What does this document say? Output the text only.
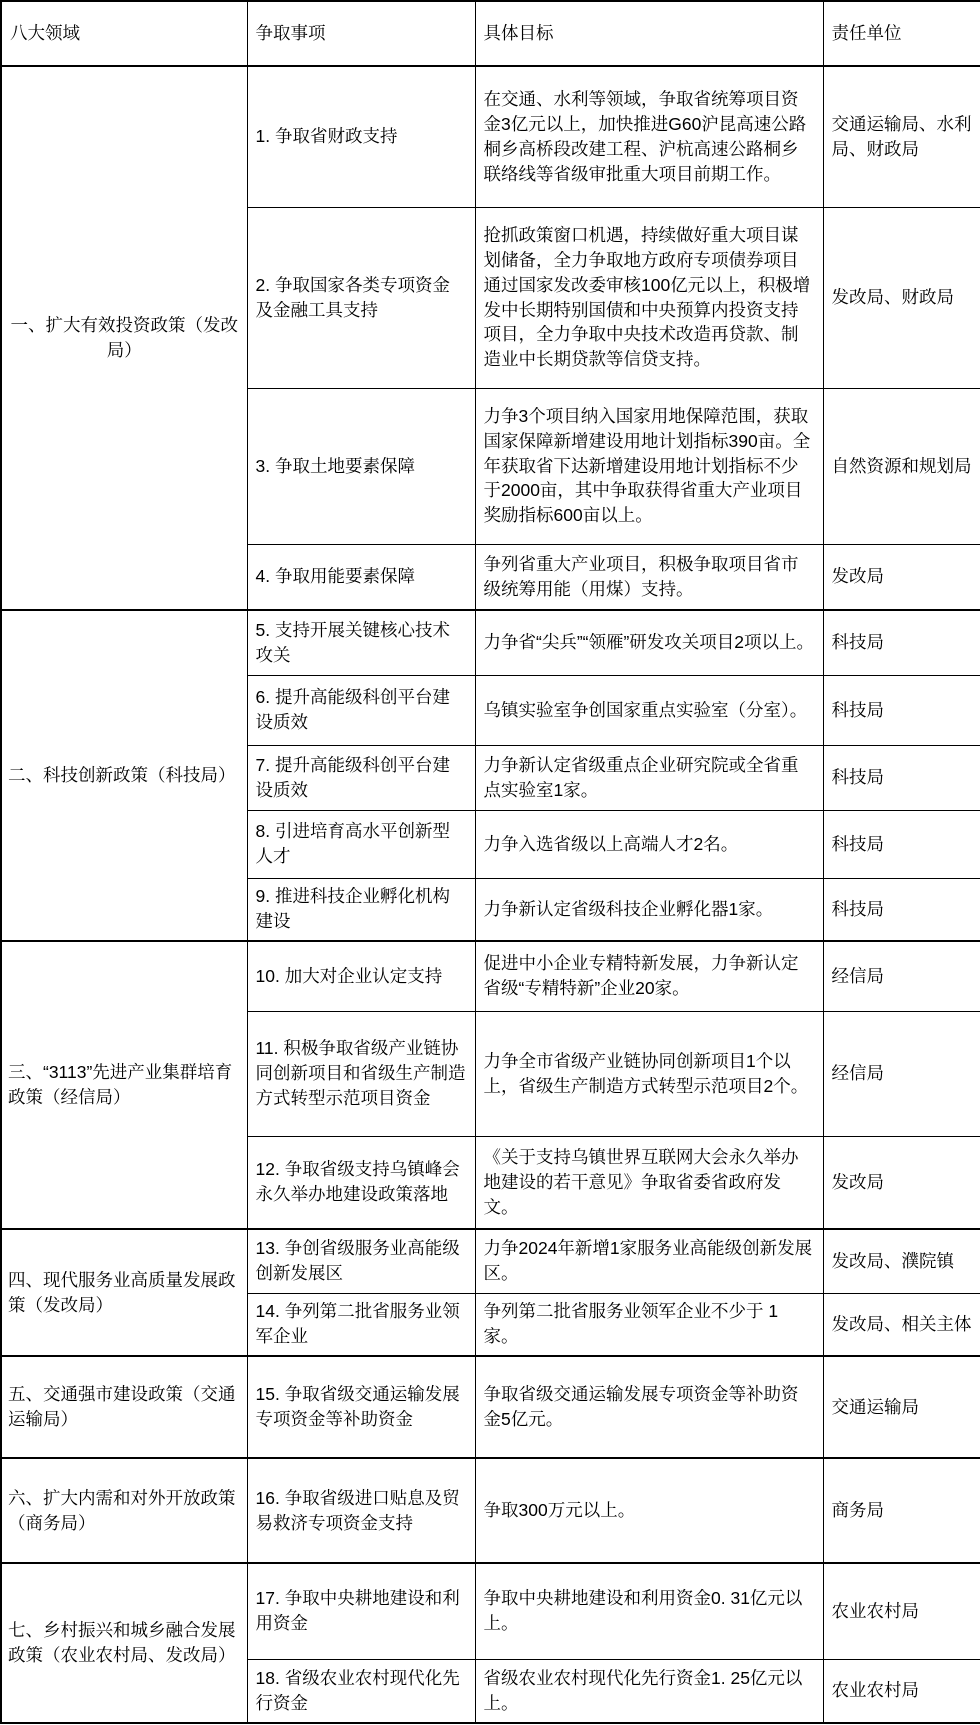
八大领域	争取事项	具体目标	责任单位
一、扩大有效投资政策（发改局）	1. 争取省财政支持	在交通、水利等领域，争取省统筹项目资金3亿元以上，加快推进G60沪昆高速公路桐乡高桥段改建工程、沪杭高速公路桐乡联络线等省级审批重大项目前期工作。	交通运输局、水利局、财政局
	2. 争取国家各类专项资金及金融工具支持	抢抓政策窗口机遇，持续做好重大项目谋划储备，全力争取地方政府专项债券项目通过国家发改委审核100亿元以上，积极增发中长期特别国债和中央预算内投资支持项目，全力争取中央技术改造再贷款、制造业中长期贷款等信贷支持。	发改局、财政局
	3. 争取土地要素保障	力争3个项目纳入国家用地保障范围，获取国家保障新增建设用地计划指标390亩。全年获取省下达新增建设用地计划指标不少于2000亩，其中争取获得省重大产业项目奖励指标600亩以上。	自然资源和规划局
	4. 争取用能要素保障	争列省重大产业项目，积极争取项目省市级统筹用能（用煤）支持。	发改局
二、科技创新政策（科技局）	5. 支持开展关键核心技术攻关	力争省“尖兵”“领雁”研发攻关项目2项以上。	科技局
	6. 提升高能级科创平台建设质效	乌镇实验室争创国家重点实验室（分室）。	科技局
	7. 提升高能级科创平台建设质效	力争新认定省级重点企业研究院或全省重点实验室1家。	科技局
	8. 引进培育高水平创新型人才	力争入选省级以上高端人才2名。	科技局
	9. 推进科技企业孵化机构建设	力争新认定省级科技企业孵化器1家。	科技局
三、“3113”先进产业集群培育政策（经信局）	10. 加大对企业认定支持	促进中小企业专精特新发展，力争新认定省级“专精特新”企业20家。	经信局
	11. 积极争取省级产业链协同创新项目和省级生产制造方式转型示范项目资金	力争全市省级产业链协同创新项目1个以上，省级生产制造方式转型示范项目2个。	经信局
	12. 争取省级支持乌镇峰会永久举办地建设政策落地	《关于支持乌镇世界互联网大会永久举办地建设的若干意见》争取省委省政府发文。	发改局
四、现代服务业高质量发展政策（发改局）	13. 争创省级服务业高能级创新发展区	力争2024年新增1家服务业高能级创新发展区。	发改局、濮院镇
	14. 争列第二批省服务业领军企业	争列第二批省服务业领军企业不少于 1 家。	发改局、相关主体
五、交通强市建设政策（交通运输局）	15. 争取省级交通运输发展专项资金等补助资金	争取省级交通运输发展专项资金等补助资金5亿元。	交通运输局
六、扩大内需和对外开放政策（商务局）	16. 争取省级进口贴息及贸易救济专项资金支持	争取300万元以上。	商务局
七、乡村振兴和城乡融合发展政策（农业农村局、发改局）	17. 争取中央耕地建设和利用资金	争取中央耕地建设和利用资金0. 31亿元以上。	农业农村局
	18. 省级农业农村现代化先行资金	省级农业农村现代化先行资金1. 25亿元以上。	农业农村局
